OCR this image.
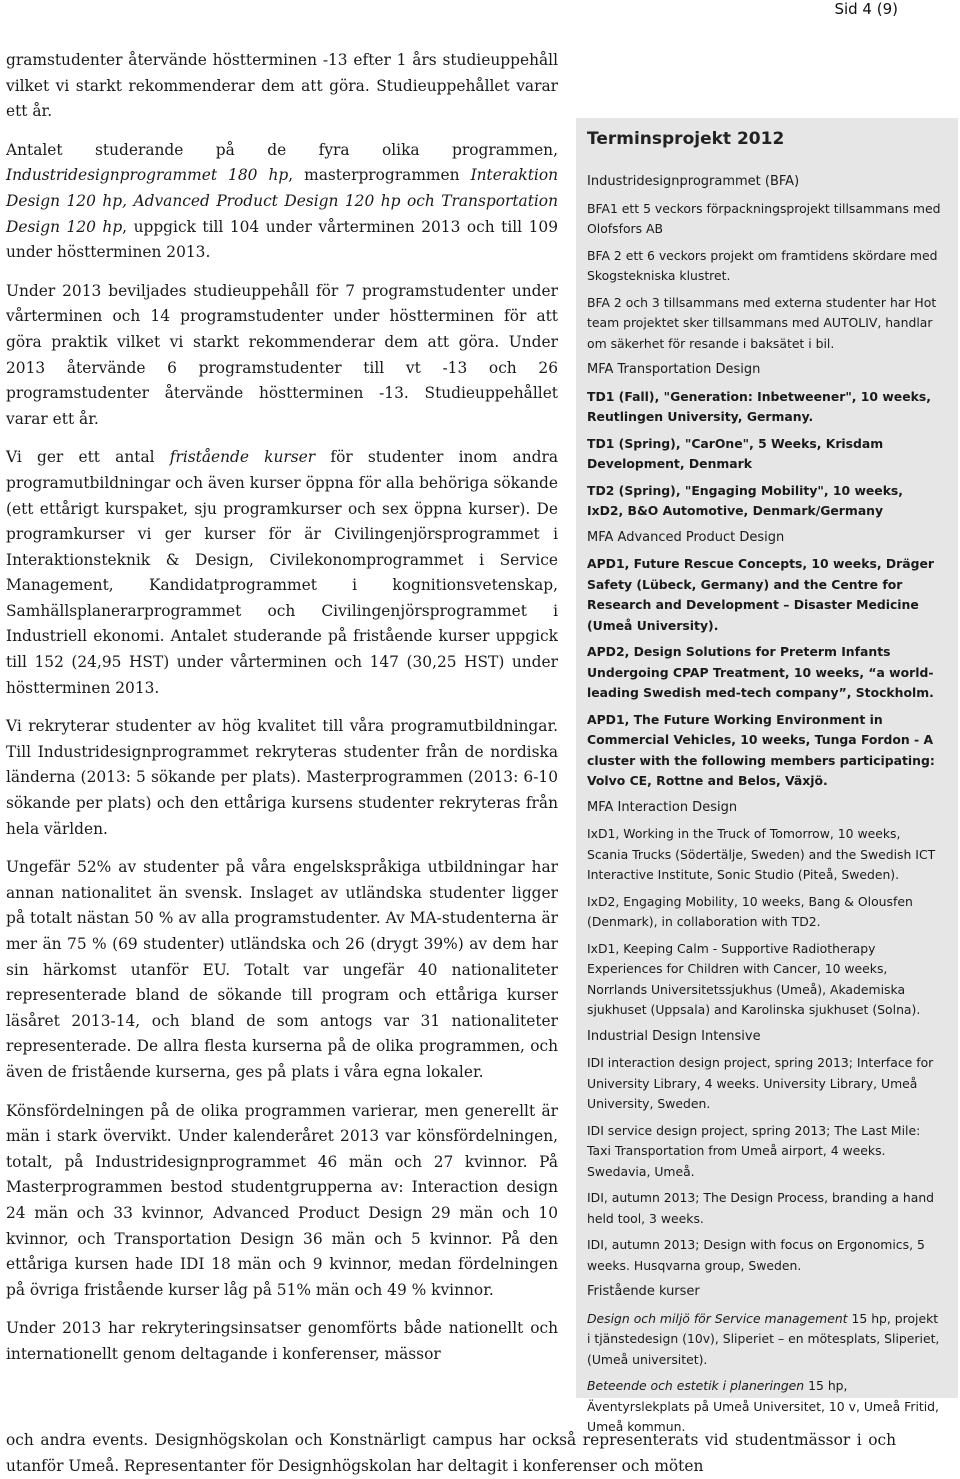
Sid 4 (9)

gramstudenter återvände höstterminen -13 efter 1 års studieuppehåll vilket vi starkt rekommenderar dem att göra. Studieuppehållet varar ett år.

Antalet studerande på de fyra olika programmen, Industridesignprogrammet 180 hp, masterprogrammen Interaktion Design 120 hp, Advanced Product Design 120 hp och Transportation Design 120 hp, uppgick till 104 under vårterminen 2013 och till 109 under höstterminen 2013.

Under 2013 beviljades studieuppehåll för 7 programstudenter under vårterminen och 14 programstudenter under höstterminen för att göra praktik vilket vi starkt rekommenderar dem att göra. Under 2013 återvände 6 programstudenter till vt -13 och 26 programstudenter återvände höstterminen -13. Studieuppehållet varar ett år.

Vi ger ett antal fristående kurser för studenter inom andra programutbildningar och även kurser öppna för alla behöriga sökande (ett ettårigt kurspaket, sju programkurser och sex öppna kurser). De programkurser vi ger kurser för är Civilingenjörsprogrammet i Interaktionsteknik & Design, Civilekonomprogrammet i Service Management, Kandidatprogrammet i kognitionsvetenskap, Samhällsplanerarprogrammet och Civilingenjörsprogrammet i Industriell ekonomi. Antalet studerande på fristående kurser uppgick till 152 (24,95 HST) under vårterminen och 147 (30,25 HST) under höstterminen 2013.

Vi rekryterar studenter av hög kvalitet till våra programutbildningar. Till Industridesignprogrammet rekryteras studenter från de nordiska länderna (2013: 5 sökande per plats). Masterprogrammen (2013: 6-10 sökande per plats) och den ettåriga kursens studenter rekryteras från hela världen.

Ungefär 52% av studenter på våra engelskspråkiga utbildningar har annan nationalitet än svensk. Inslaget av utländska studenter ligger på totalt nästan 50 % av alla programstudenter. Av MA-studenterna är mer än 75 % (69 studenter) utländska och 26 (drygt 39%) av dem har sin härkomst utanför EU. Totalt var ungefär 40 nationaliteter representerade bland de sökande till program och ettåriga kurser läsåret 2013-14, och bland de som antogs var 31 nationaliteter representerade. De allra flesta kurserna på de olika programmen, och även de fristående kurserna, ges på plats i våra egna lokaler.

Könsfördelningen på de olika programmen varierar, men generellt är män i stark övervikt. Under kalenderåret 2013 var könsfördelningen, totalt, på Industridesignprogrammet 46 män och 27 kvinnor. På Masterprogrammen bestod studentgrupperna av: Interaction design 24 män och 33 kvinnor, Advanced Product Design 29 män och 10 kvinnor, och Transportation Design 36 män och 5 kvinnor. På den ettåriga kursen hade IDI 18 män och 9 kvinnor, medan fördelningen på övriga fristående kurser låg på 51% män och 49 % kvinnor.

Under 2013 har rekryteringsinsatser genomförts både nationellt och internationellt genom deltagande i konferenser, mässor

och andra events. Designhögskolan och Konstnärligt campus har också representerats vid studentmässor i och utanför Umeå. Representanter för Designhögskolan har deltagit i konferenser och möten
Terminsprojekt 2012
Industridesignprogrammet (BFA)
BFA1 ett 5 veckors förpackningsprojekt tillsammans med Olofsfors AB
BFA 2 ett 6 veckors projekt om framtidens skördare med Skogstekniska klustret.
BFA 2 och 3 tillsammans med externa studenter har Hot team projektet sker tillsammans med AUTOLIV, handlar om säkerhet för resande i baksätet i bil.
MFA Transportation Design
TD1 (Fall), "Generation: Inbetweener", 10 weeks, Reutlingen University, Germany.
TD1 (Spring), "CarOne", 5 Weeks, Krisdam Development, Denmark
TD2 (Spring), "Engaging Mobility", 10 weeks, IxD2, B&O Automotive, Denmark/Germany
MFA Advanced Product Design
APD1, Future Rescue Concepts, 10 weeks, Dräger Safety (Lübeck, Germany) and the Centre for Research and Development – Disaster Medicine (Umeå University).
APD2, Design Solutions for Preterm Infants Undergoing CPAP Treatment, 10 weeks, “a world-leading Swedish med-tech company”, Stockholm.
APD1, The Future Working Environment in Commercial Vehicles, 10 weeks, Tunga Fordon - A cluster with the following members participating: Volvo CE, Rottne and Belos, Växjö.
MFA Interaction Design
IxD1, Working in the Truck of Tomorrow, 10 weeks, Scania Trucks (Södertälje, Sweden) and the Swedish ICT Interactive Institute, Sonic Studio (Piteå, Sweden).
IxD2, Engaging Mobility, 10 weeks, Bang & Olousfen (Denmark), in collaboration with TD2.
IxD1, Keeping Calm - Supportive Radiotherapy Experiences for Children with Cancer, 10 weeks, Norrlands Universitetssjukhus (Umeå), Akademiska sjukhuset (Uppsala) and Karolinska sjukhuset (Solna).
Industrial Design Intensive
IDI interaction design project, spring 2013; Interface for University Library, 4 weeks. University Library, Umeå University, Sweden.
IDI service design project, spring 2013; The Last Mile: Taxi Transportation from Umeå airport, 4 weeks. Swedavia, Umeå.
IDI, autumn 2013; The Design Process, branding a hand held tool, 3 weeks.
IDI, autumn 2013; Design with focus on Ergonomics, 5 weeks. Husqvarna group, Sweden.
Fristående kurser
Design och miljö för Service management 15 hp, projekt i tjänstedesign (10v), Sliperiet – en mötesplats, Sliperiet, (Umeå universitet).
Beteende och estetik i planeringen 15 hp, Äventyrslekplats på Umeå Universitet, 10 v, Umeå Fritid, Umeå kommun.
